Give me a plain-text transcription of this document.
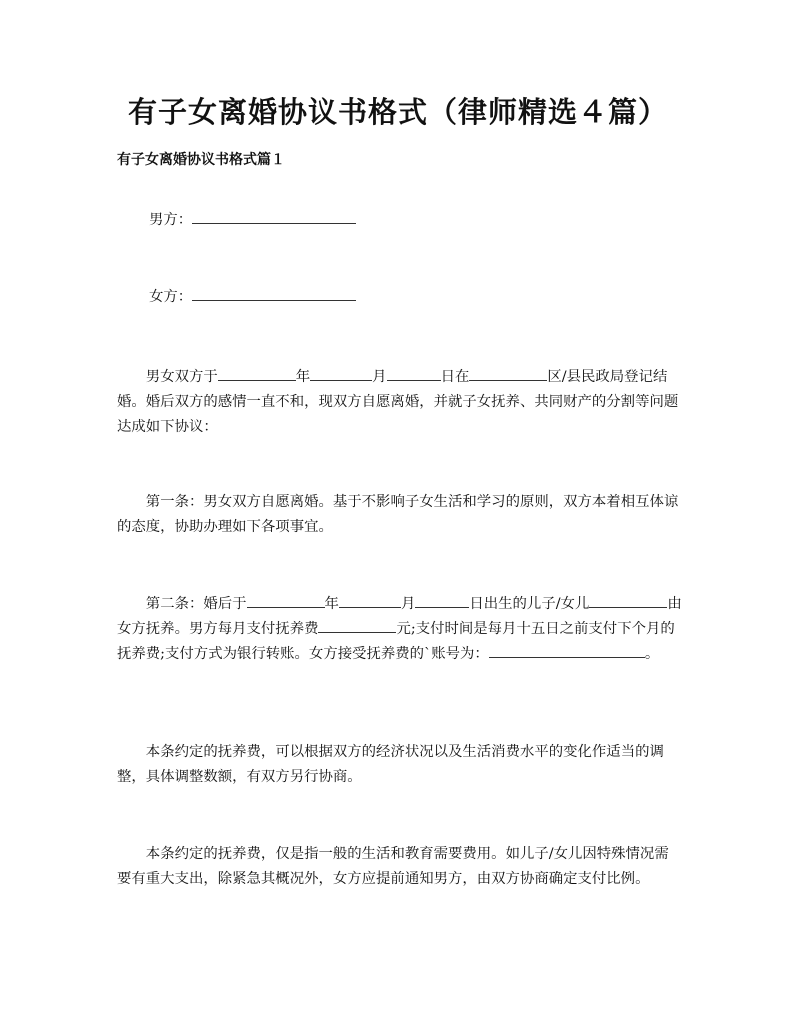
有子女离婚协议书格式（律师精选４篇）
有子女离婚协议书格式篇１
男方：
女方：

男女双方于	年	月	日在	区/县民政局登记结婚。婚后双方的感情一直不和，现双方自愿离婚，并就子女抚养、共同财产的分割等问题达成如下协议：

第一条：男女双方自愿离婚。基于不影响子女生活和学习的原则，双方本着相互体谅的态度，协助办理如下各项事宜。

第二条：婚后于	年	月	日出生的儿子/女儿	由女方抚养。男方每月支付抚养费	元;支付时间是每月十五日之前支付下个月的抚养费;支付方式为银行转账。女方接受抚养费的`账号为：	。

本条约定的抚养费，可以根据双方的经济状况以及生活消费水平的变化作适当的调整，具体调整数额，有双方另行协商。

本条约定的抚养费，仅是指一般的生活和教育需要费用。如儿子/女儿因特殊情况需要有重大支出，除紧急其概况外，女方应提前通知男方，由双方协商确定支付比例。
